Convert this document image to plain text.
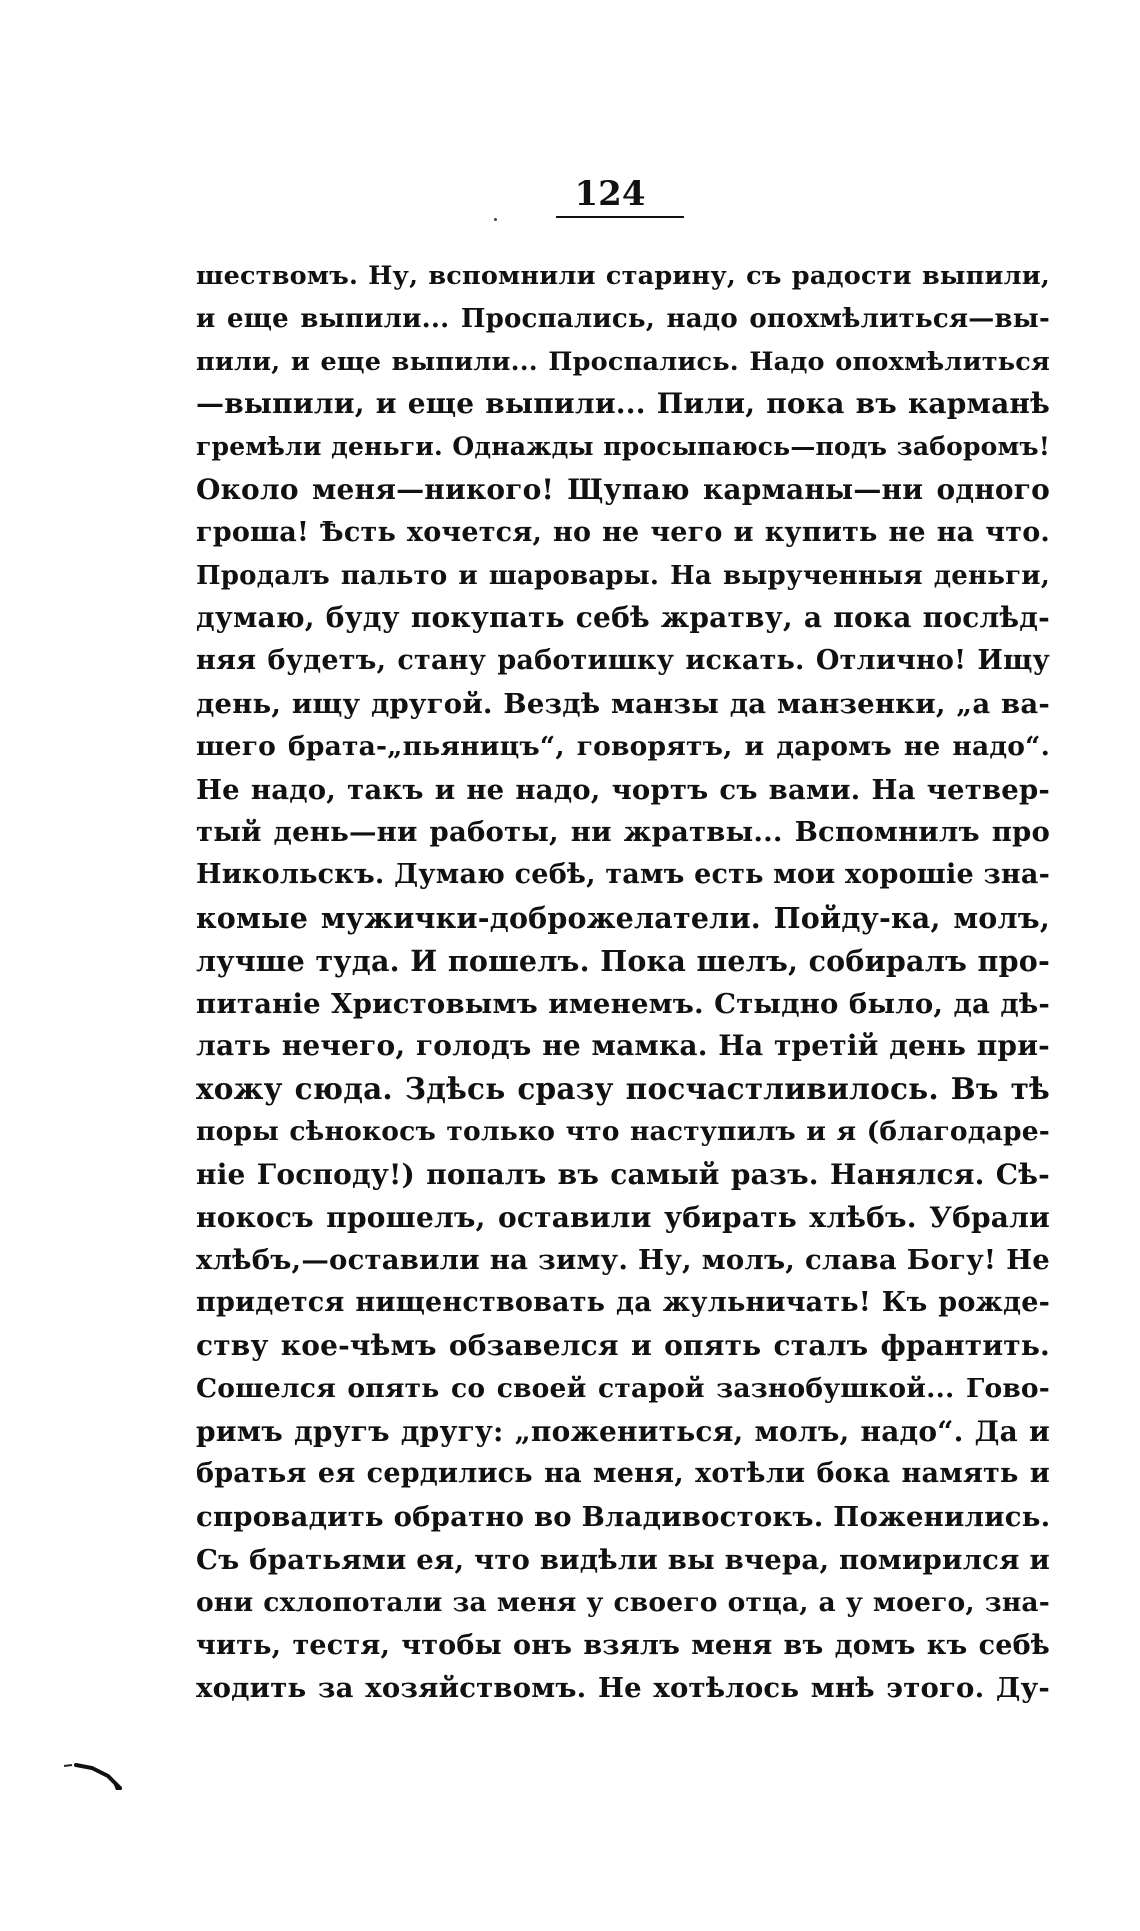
124
шествомъ. Ну, вспомнили старину, съ радости выпили,
и еще выпили... Проспались, надо опохмѣлиться—вы-
пили, и еще выпили... Проспались. Надо опохмѣлиться
—выпили, и еще выпили... Пили, пока въ карманѣ
гремѣли деньги. Однажды просыпаюсь—подъ заборомъ!
Около меня—никого! Щупаю карманы—ни одного
гроша! Ѣсть хочется, но не чего и купить не на что.
Продалъ пальто и шаровары. На вырученныя деньги,
думаю, буду покупать себѣ жратву, а пока послѣд-
няя будетъ, стану работишку искать. Отлично! Ищу
день, ищу другой. Вездѣ манзы да манзенки, „а ва-
шего брата-„пьяницъ“, говорятъ, и даромъ не надо“.
Не надо, такъ и не надо, чортъ съ вами. На четвер-
тый день—ни работы, ни жратвы... Вспомнилъ про
Никольскъ. Думаю себѣ, тамъ есть мои хорошіе зна-
комые мужички-доброжелатели. Пойду-ка, молъ,
лучше туда. И пошелъ. Пока шелъ, собиралъ про-
питаніе Христовымъ именемъ. Стыдно было, да дѣ-
лать нечего, голодъ не мамка. На третій день при-
хожу сюда. Здѣсь сразу посчастливилось. Въ тѣ
поры сѣнокосъ только что наступилъ и я (благодаре-
ніе Господу!) попалъ въ самый разъ. Нанялся. Сѣ-
нокосъ прошелъ, оставили убирать хлѣбъ. Убрали
хлѣбъ,—оставили на зиму. Ну, молъ, слава Богу! Не
придется нищенствовать да жульничать! Къ рожде-
ству кое-чѣмъ обзавелся и опять сталъ франтить.
Сошелся опять со своей старой зазнобушкой... Гово-
римъ другъ другу: „пожениться, молъ, надо“. Да и
братья ея сердились на меня, хотѣли бока намять и
спровадить обратно во Владивостокъ. Поженились.
Съ братьями ея, что видѣли вы вчера, помирился и
они схлопотали за меня у своего отца, а у моего, зна-
чить, тестя, чтобы онъ взялъ меня въ домъ къ себѣ
ходить за хозяйствомъ. Не хотѣлось мнѣ этого. Ду-
